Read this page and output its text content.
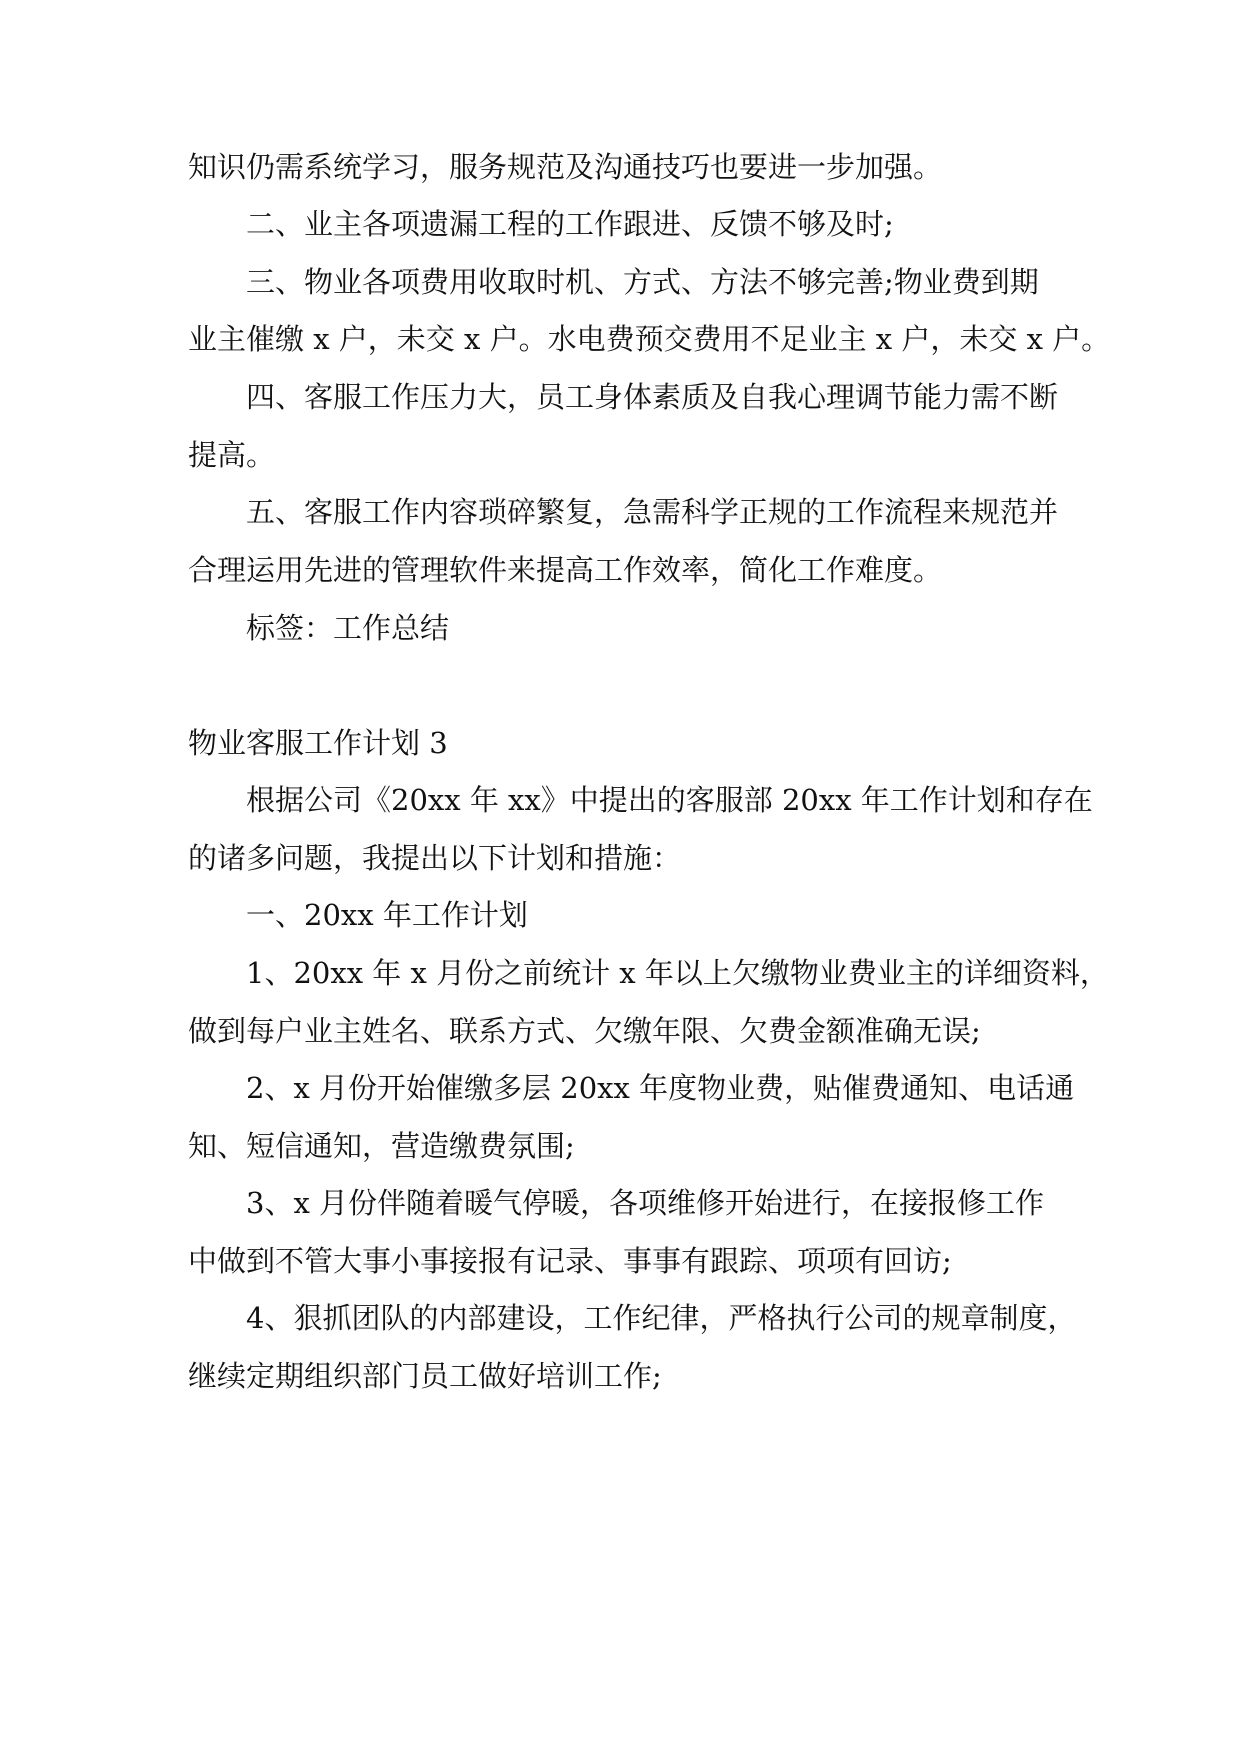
知识仍需系统学习，服务规范及沟通技巧也要进一步加强。
二、业主各项遗漏工程的工作跟进、反馈不够及时;
三、物业各项费用收取时机、方式、方法不够完善;物业费到期
业主催缴 x 户，未交 x 户。水电费预交费用不足业主 x 户，未交 x 户。
四、客服工作压力大，员工身体素质及自我心理调节能力需不断
提高。
五、客服工作内容琐碎繁复，急需科学正规的工作流程来规范并
合理运用先进的管理软件来提高工作效率，简化工作难度。
标签：工作总结
物业客服工作计划 3
根据公司《20xx 年 xx》中提出的客服部 20xx 年工作计划和存在
的诸多问题，我提出以下计划和措施：
一、20xx 年工作计划
1、20xx 年 x 月份之前统计 x 年以上欠缴物业费业主的详细资料，
做到每户业主姓名、联系方式、欠缴年限、欠费金额准确无误;
2、x 月份开始催缴多层 20xx 年度物业费，贴催费通知、电话通
知、短信通知，营造缴费氛围;
3、x 月份伴随着暖气停暖，各项维修开始进行，在接报修工作
中做到不管大事小事接报有记录、事事有跟踪、项项有回访;
4、狠抓团队的内部建设，工作纪律，严格执行公司的规章制度，
继续定期组织部门员工做好培训工作;
